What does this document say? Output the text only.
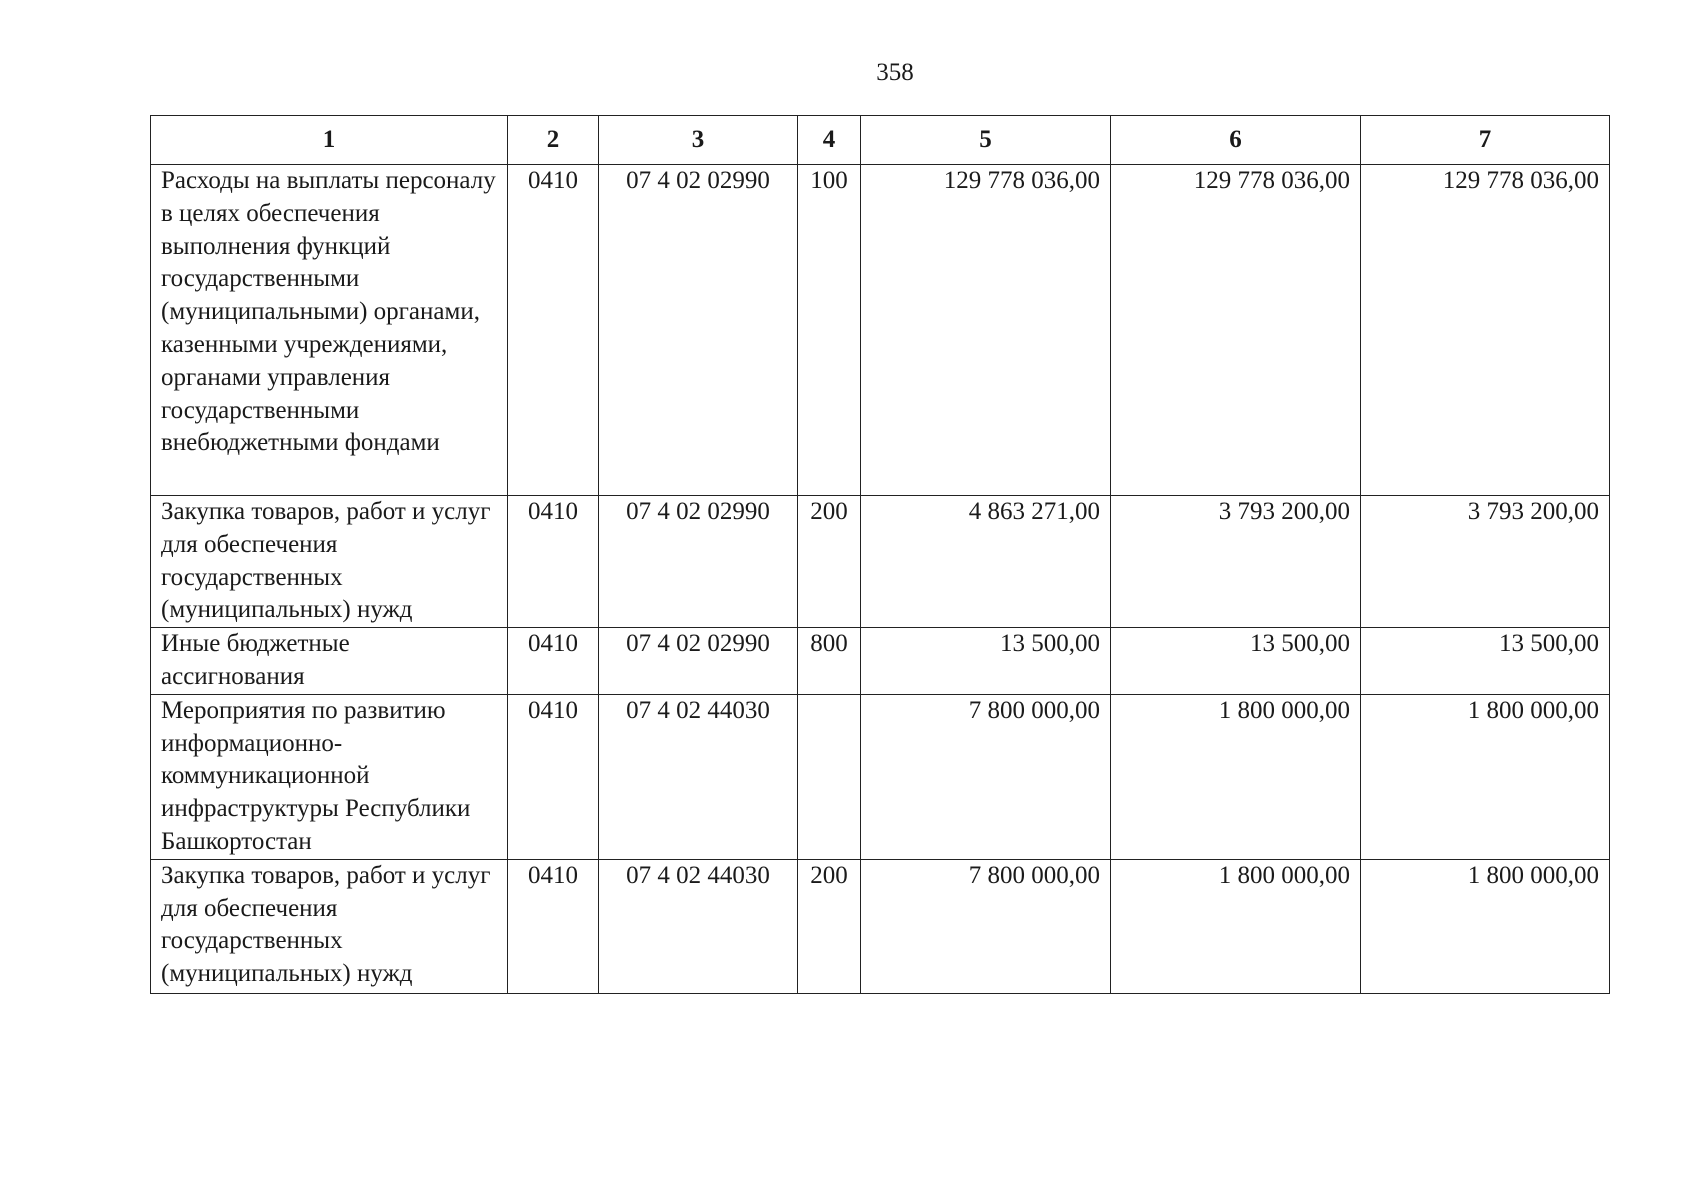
358
1	2	3	4	5	6	7
Расходы на выплаты персоналу в целях обеспечения выполнения функций государственными (муниципальными) органами, казенными учреждениями, органами управления государственными внебюджетными фондами	0410	07 4 02 02990	100	129 778 036,00	129 778 036,00	129 778 036,00
Закупка товаров, работ и услуг для обеспечения государственных (муниципальных) нужд	0410	07 4 02 02990	200	4 863 271,00	3 793 200,00	3 793 200,00
Иные бюджетные ассигнования	0410	07 4 02 02990	800	13 500,00	13 500,00	13 500,00
Мероприятия по развитию информационно-коммуникационной инфраструктуры Республики Башкортостан	0410	07 4 02 44030		7 800 000,00	1 800 000,00	1 800 000,00
Закупка товаров, работ и услуг для обеспечения государственных (муниципальных) нужд	0410	07 4 02 44030	200	7 800 000,00	1 800 000,00	1 800 000,00
